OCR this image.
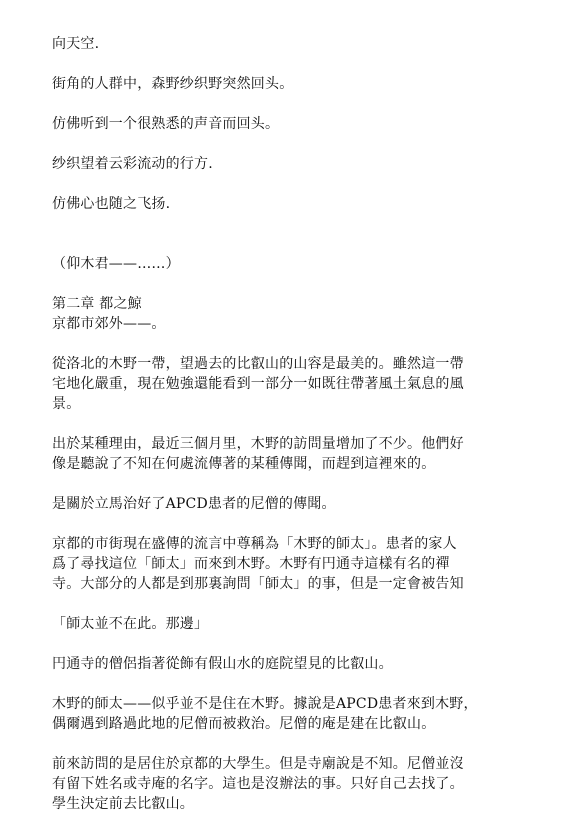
向天空.

街角的人群中，森野纱织野突然回头。

仿佛听到一个很熟悉的声音而回头。

纱织望着云彩流动的行方.

仿佛心也随之飞扬.

（仰木君——……）

第二章 都之鯨
京都市郊外——。

從洛北的木野一帶，望過去的比叡山的山容是最美的。雖然這一帶
宅地化嚴重，現在勉強還能看到一部分一如既往帶著風土氣息的風
景。

出於某種理由，最近三個月里，木野的訪問量增加了不少。他們好
像是聽說了不知在何處流傳著的某種傳聞，而趕到這裡來的。

是關於立馬治好了APCD患者的尼僧的傳聞。

京都的市街現在盛傳的流言中尊稱為「木野的師太」。患者的家人
爲了尋找這位「師太」而來到木野。木野有円通寺這樣有名的禪
寺。大部分的人都是到那裏詢問「師太」的事，但是一定會被告知

「師太並不在此。那邊」

円通寺的僧侶指著從飾有假山水的庭院望見的比叡山。

木野的師太——似乎並不是住在木野。據說是APCD患者來到木野，
偶爾遇到路過此地的尼僧而被救治。尼僧的庵是建在比叡山。

前來訪問的是居住於京都的大學生。但是寺廟說是不知。尼僧並沒
有留下姓名或寺庵的名字。這也是沒辦法的事。只好自己去找了。
學生決定前去比叡山。
